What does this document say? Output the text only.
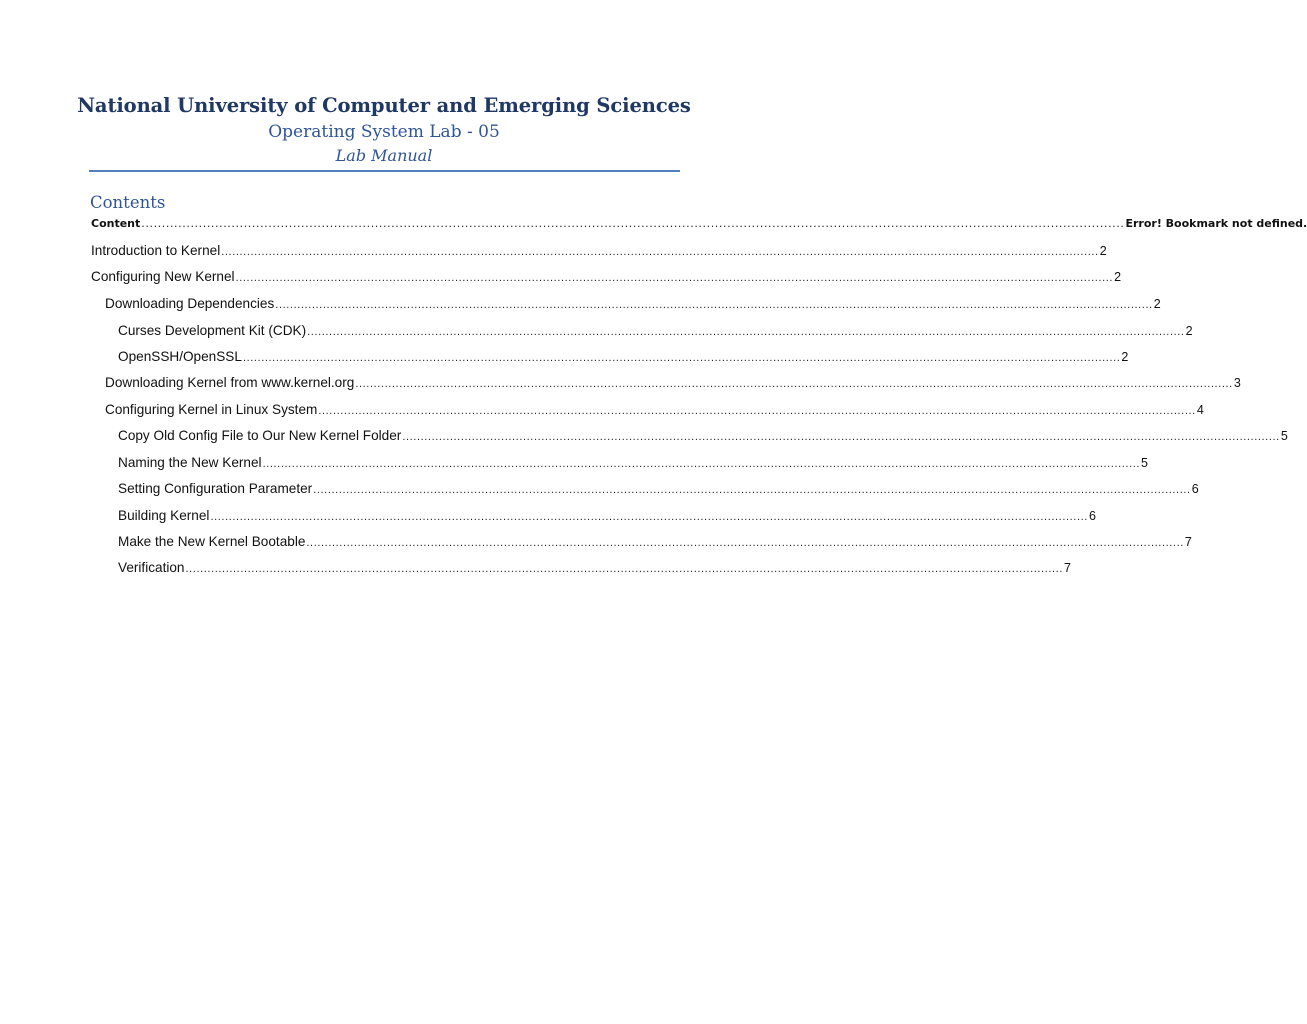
National University of Computer and Emerging Sciences
Operating System Lab - 05
Lab Manual
Contents
Content ................................................................................................................................................................................................................................................ Error! Bookmark not defined.
Introduction to Kernel ................................................................................................................................................................................................................................................ 2
Configuring New Kernel ................................................................................................................................................................................................................................................ 2
Downloading Dependencies ................................................................................................................................................................................................................................................ 2
Curses Development Kit (CDK) ................................................................................................................................................................................................................................................ 2
OpenSSH/OpenSSL ................................................................................................................................................................................................................................................ 2
Downloading Kernel from www.kernel.org ................................................................................................................................................................................................................................................ 3
Configuring Kernel in Linux System ................................................................................................................................................................................................................................................ 4
Copy Old Config File to Our New Kernel Folder ................................................................................................................................................................................................................................................ 5
Naming the New Kernel ................................................................................................................................................................................................................................................ 5
Setting Configuration Parameter ................................................................................................................................................................................................................................................ 6
Building Kernel ................................................................................................................................................................................................................................................ 6
Make the New Kernel Bootable ................................................................................................................................................................................................................................................ 7
Verification ................................................................................................................................................................................................................................................ 7
